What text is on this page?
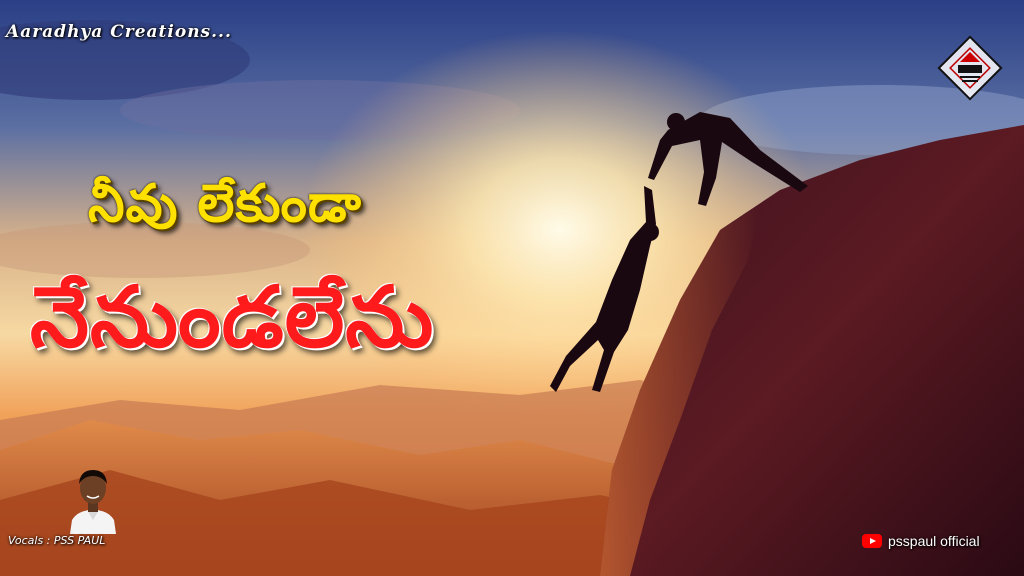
Aaradhya Creations...
నీవు లేకుండా
నేనుండలేను
Vocals : PSS PAUL	psspaul official
